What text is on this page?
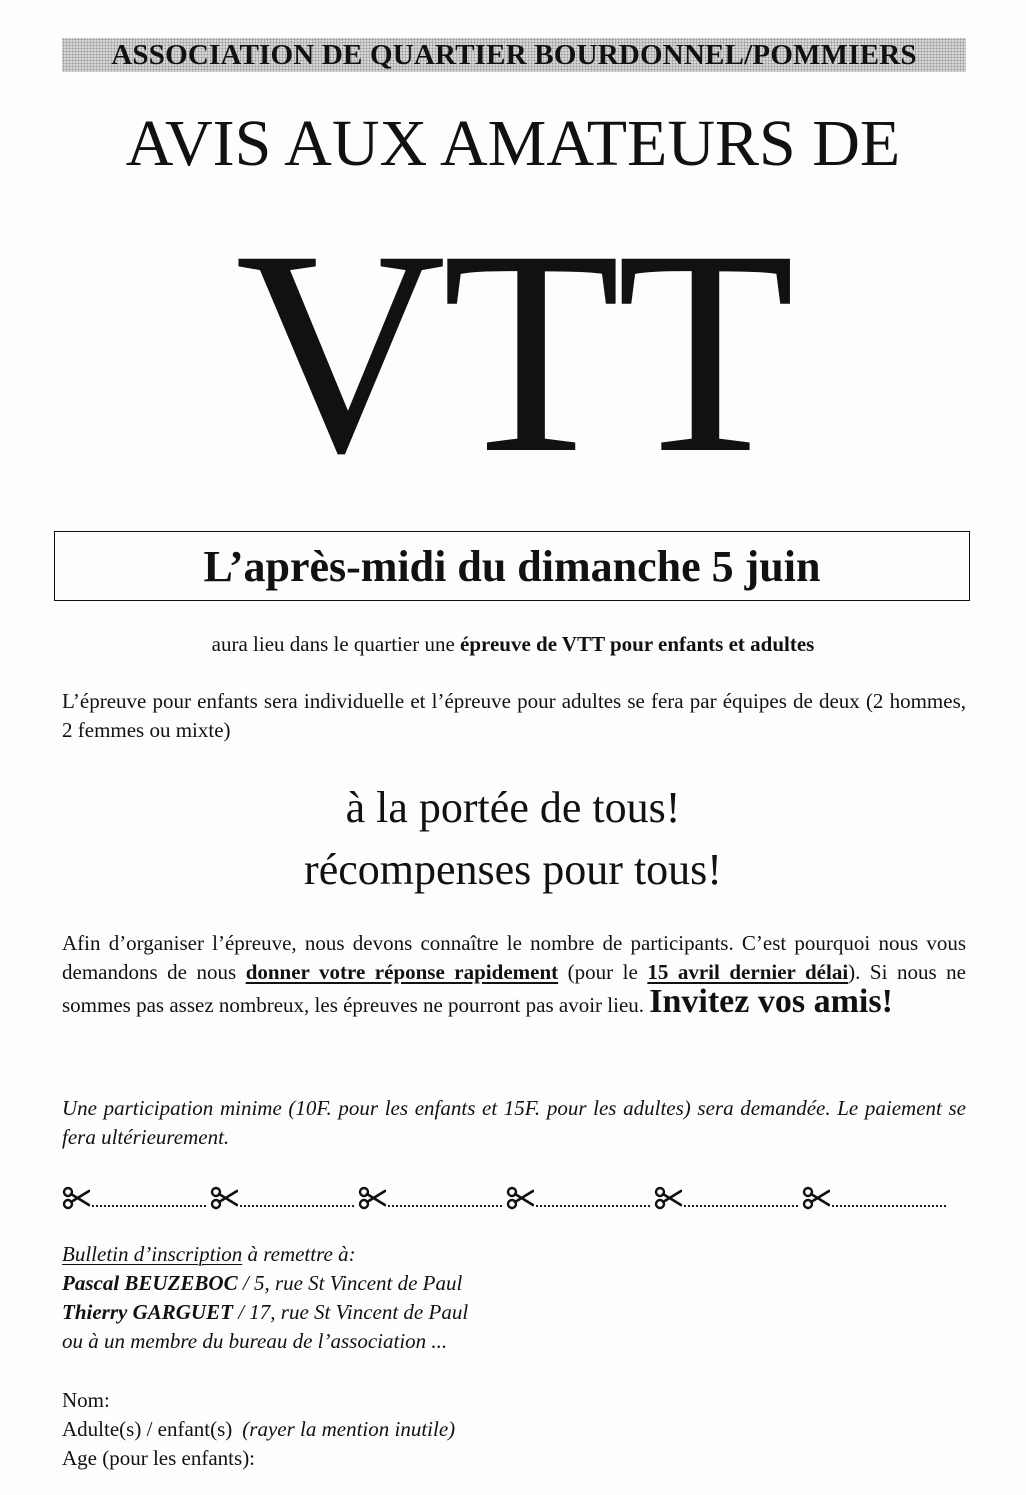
ASSOCIATION DE QUARTIER BOURDONNEL/POMMIERS
AVIS AUX AMATEURS DE
VTT
L’après-midi du dimanche 5 juin
aura lieu dans le quartier une épreuve de VTT pour enfants et adultes
L’épreuve pour enfants sera individuelle et l’épreuve pour adultes se fera par équipes de deux (2 hommes, 2 femmes ou mixte)
à la portée de tous!
récompenses pour tous!
Afin d’organiser l’épreuve, nous devons connaître le nombre de participants. C’est pourquoi nous vous demandons de nous donner votre réponse rapidement (pour le 15 avril dernier délai). Si nous ne sommes pas assez nombreux, les épreuves ne pourront pas avoir lieu. Invitez vos amis!
Une participation minime (10F. pour les enfants et 15F. pour les adultes) sera demandée. Le paiement se fera ultérieurement.
Bulletin d’inscription à remettre à:
Pascal BEUZEBOC / 5, rue St Vincent de Paul
Thierry GARGUET / 17, rue St Vincent de Paul
ou à un membre du bureau de l’association ...
Nom:
Adulte(s) / enfant(s) (rayer la mention inutile)
Age (pour les enfants):
